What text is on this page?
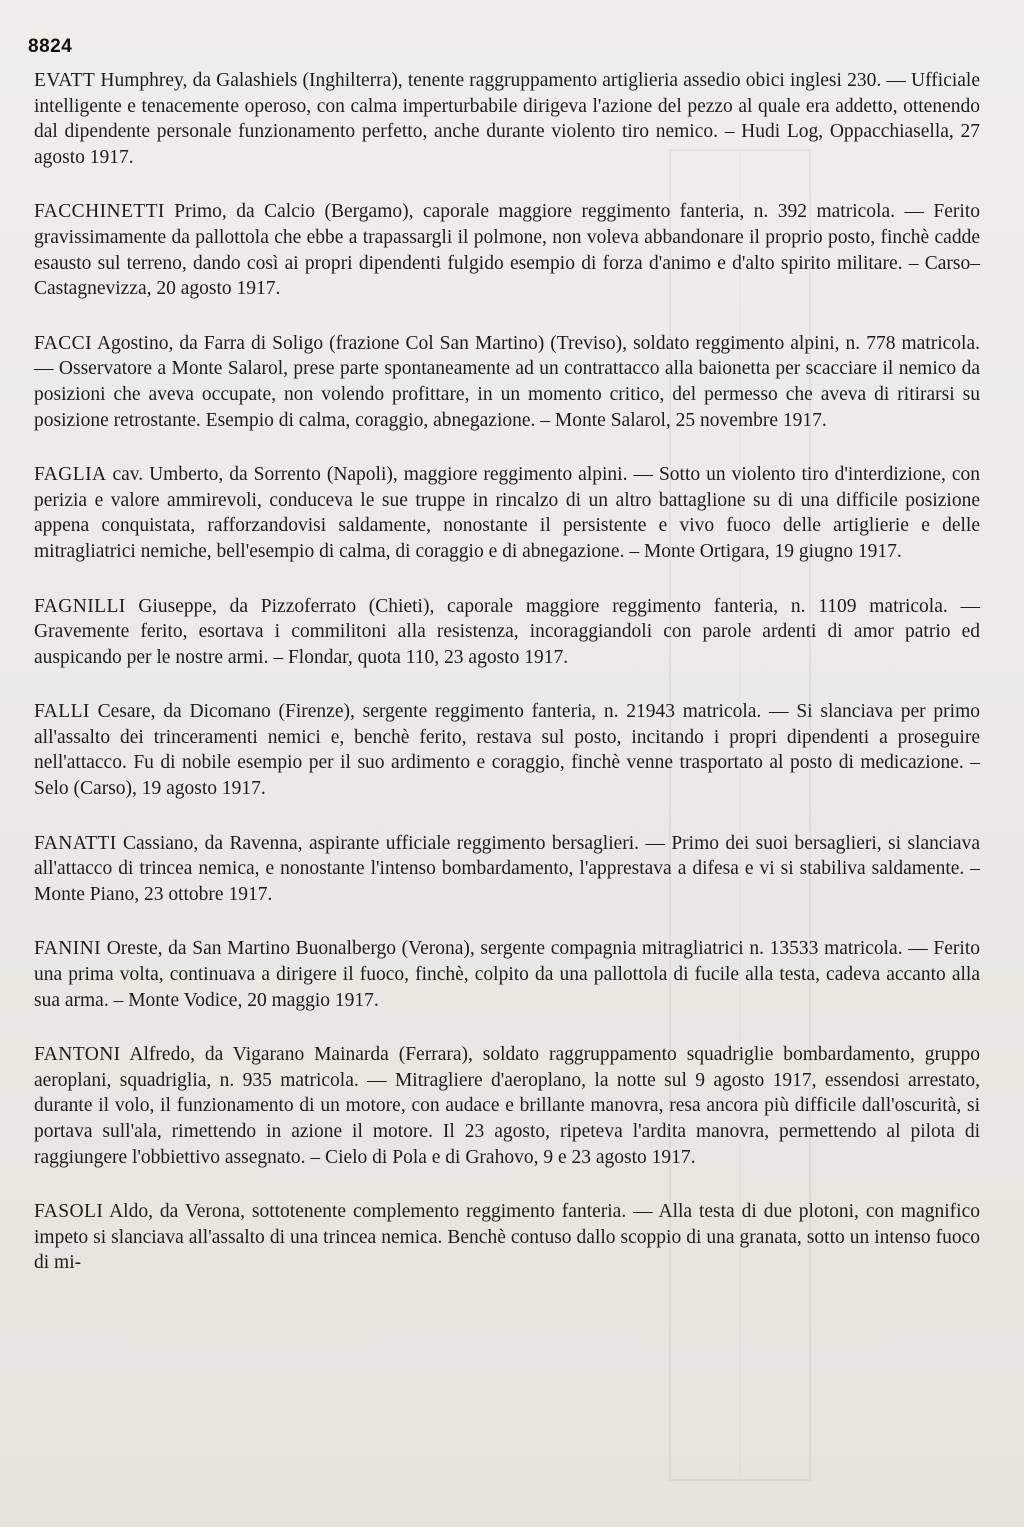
8824
EVATT Humphrey, da Galashiels (Inghilterra), tenente raggruppamento artiglieria assedio obici inglesi 230. — Ufficiale intelligente e tenacemente operoso, con calma imperturbabile dirigeva l'azione del pezzo al quale era addetto, ottenendo dal dipendente personale funzionamento perfetto, anche durante violento tiro nemico. – Hudi Log, Oppacchiasella, 27 agosto 1917.
FACCHINETTI Primo, da Calcio (Bergamo), caporale maggiore reggimento fanteria, n. 392 matricola. — Ferito gravissimamente da pallottola che ebbe a trapassargli il polmone, non voleva abbandonare il proprio posto, finchè cadde esausto sul terreno, dando così ai propri dipendenti fulgido esempio di forza d'animo e d'alto spirito militare. – Carso–Castagnevizza, 20 agosto 1917.
FACCI Agostino, da Farra di Soligo (frazione Col San Martino) (Treviso), soldato reggimento alpini, n. 778 matricola. — Osservatore a Monte Salarol, prese parte spontaneamente ad un contrattacco alla baionetta per scacciare il nemico da posizioni che aveva occupate, non volendo profittare, in un momento critico, del permesso che aveva di ritirarsi su posizione retrostante. Esempio di calma, coraggio, abnegazione. – Monte Salarol, 25 novembre 1917.
FAGLIA cav. Umberto, da Sorrento (Napoli), maggiore reggimento alpini. — Sotto un violento tiro d'interdizione, con perizia e valore ammirevoli, conduceva le sue truppe in rincalzo di un altro battaglione su di una difficile posizione appena conquistata, rafforzandovisi saldamente, nonostante il persistente e vivo fuoco delle artiglierie e delle mitragliatrici nemiche, bell'esempio di calma, di coraggio e di abnegazione. – Monte Ortigara, 19 giugno 1917.
FAGNILLI Giuseppe, da Pizzoferrato (Chieti), caporale maggiore reggimento fanteria, n. 1109 matricola. — Gravemente ferito, esortava i commilitoni alla resistenza, incoraggiandoli con parole ardenti di amor patrio ed auspicando per le nostre armi. – Flondar, quota 110, 23 agosto 1917.
FALLI Cesare, da Dicomano (Firenze), sergente reggimento fanteria, n. 21943 matricola. — Si slanciava per primo all'assalto dei trinceramenti nemici e, benchè ferito, restava sul posto, incitando i propri dipendenti a proseguire nell'attacco. Fu di nobile esempio per il suo ardimento e coraggio, finchè venne trasportato al posto di medicazione. – Selo (Carso), 19 agosto 1917.
FANATTI Cassiano, da Ravenna, aspirante ufficiale reggimento bersaglieri. — Primo dei suoi bersaglieri, si slanciava all'attacco di trincea nemica, e nonostante l'intenso bombardamento, l'apprestava a difesa e vi si stabiliva saldamente. – Monte Piano, 23 ottobre 1917.
FANINI Oreste, da San Martino Buonalbergo (Verona), sergente compagnia mitragliatrici n. 13533 matricola. — Ferito una prima volta, continuava a dirigere il fuoco, finchè, colpito da una pallottola di fucile alla testa, cadeva accanto alla sua arma. – Monte Vodice, 20 maggio 1917.
FANTONI Alfredo, da Vigarano Mainarda (Ferrara), soldato raggruppamento squadriglie bombardamento, gruppo aeroplani, squadriglia, n. 935 matricola. — Mitragliere d'aeroplano, la notte sul 9 agosto 1917, essendosi arrestato, durante il volo, il funzionamento di un motore, con audace e brillante manovra, resa ancora più difficile dall'oscurità, si portava sull'ala, rimettendo in azione il motore. Il 23 agosto, ripeteva l'ardita manovra, permettendo al pilota di raggiungere l'obbiettivo assegnato. – Cielo di Pola e di Grahovo, 9 e 23 agosto 1917.
FASOLI Aldo, da Verona, sottotenente complemento reggimento fanteria. — Alla testa di due plotoni, con magnifico impeto si slanciava all'assalto di una trincea nemica. Benchè contuso dallo scoppio di una granata, sotto un intenso fuoco di mi-
